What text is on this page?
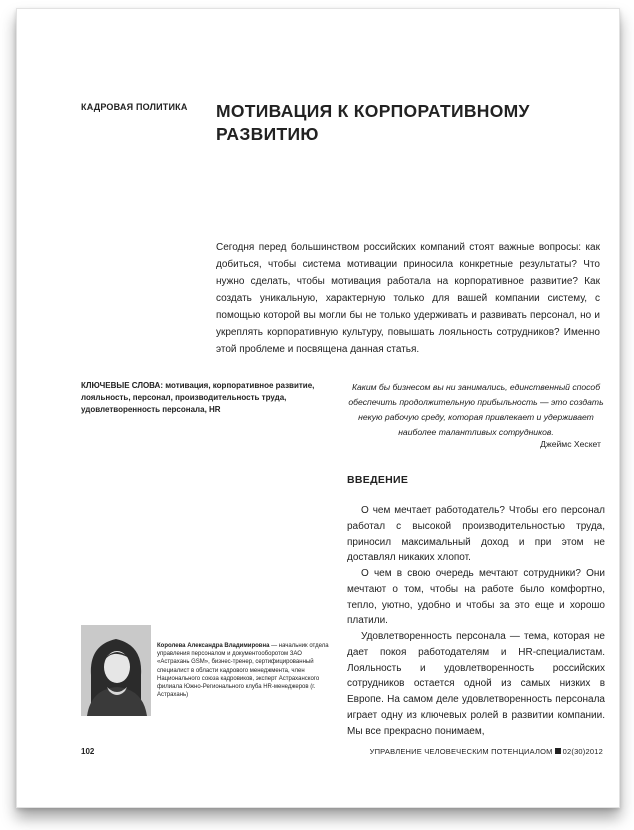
КАДРОВАЯ ПОЛИТИКА МОТИВАЦИЯ К КОРПОРАТИВНОМУ РАЗВИТИЮ
Сегодня перед большинством российских компаний стоят важные вопросы: как добиться, чтобы система мотивации приносила конкретные результаты? Что нужно сделать, чтобы мотивация работала на корпоративное развитие? Как создать уникальную, характерную только для вашей компании систему, с помощью которой вы могли бы не только удерживать и развивать персонал, но и укреплять корпоративную культуру, повышать лояльность сотрудников? Именно этой проблеме и посвящена данная статья.
КЛЮЧЕВЫЕ СЛОВА: мотивация, корпоративное развитие, лояльность, персонал, производительность труда, удовлетворенность персонала, HR
Каким бы бизнесом вы ни занимались, единственный способ обеспечить продолжительную прибыльность — это создать некую рабочую среду, которая привлекает и удерживает наиболее талантливых сотрудников.
Джеймс Хескет
ВВЕДЕНИЕ

О чем мечтает работодатель? Чтобы его персонал работал с высокой производительностью труда, приносил максимальный доход и при этом не доставлял никаких хлопот.

О чем в свою очередь мечтают сотрудники? Они мечтают о том, чтобы на работе было комфортно, тепло, уютно, удобно и чтобы за это еще и хорошо платили.

Удовлетворенность персонала — тема, которая не дает покоя работодателям и HR-специалистам. Лояльность и удовлетворенность российских сотрудников остается одной из самых низких в Европе. На самом деле удовлетворенность персонала играет одну из ключевых ролей в развитии компании. Мы все прекрасно понимаем,

Королева Александра Владимировна — начальник отдела управления персоналом и документооборотом ЗАО «Астрахань GSM», бизнес-тренер, сертифицированный специалист в области кадрового менеджмента, член Национального союза кадровиков, эксперт Астраханского филиала Южно-Регионального клуба HR-менеджеров (г. Астрахань)
102	УПРАВЛЕНИЕ ЧЕЛОВЕЧЕСКИМ ПОТЕНЦИАЛОМ 02(30)2012
